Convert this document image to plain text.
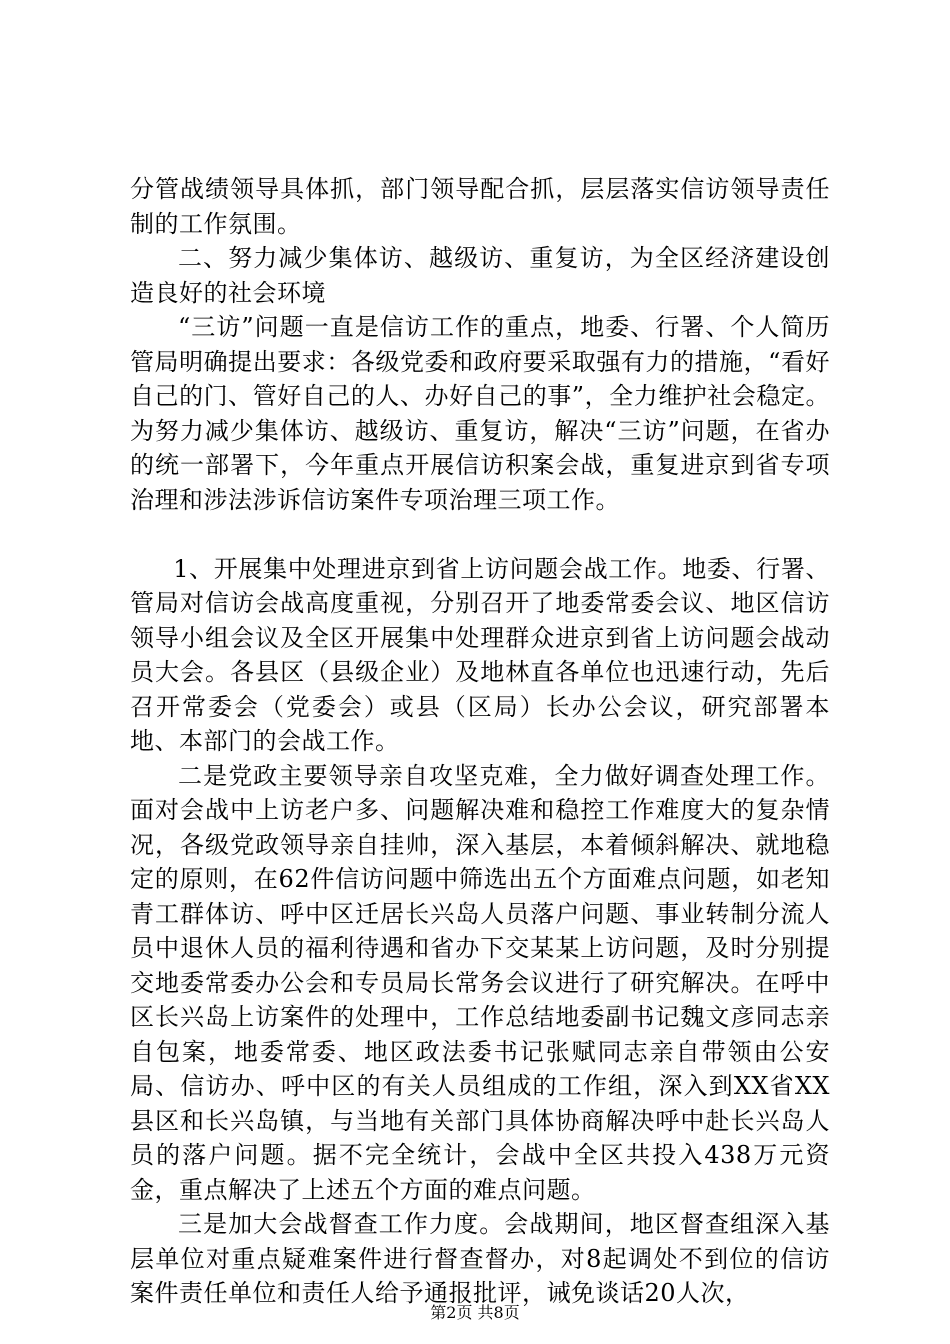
分管战绩领导具体抓，部门领导配合抓，层层落实信访领导责任制的工作氛围。

二、努力减少集体访、越级访、重复访，为全区经济建设创造良好的社会环境

“三访”问题一直是信访工作的重点，地委、行署、个人简历管局明确提出要求：各级党委和政府要采取强有力的措施，“看好自己的门、管好自己的人、办好自己的事”，全力维护社会稳定。为努力减少集体访、越级访、重复访，解决“三访”问题，在省办的统一部署下，今年重点开展信访积案会战，重复进京到省专项治理和涉法涉诉信访案件专项治理三项工作。

1、开展集中处理进京到省上访问题会战工作。地委、行署、管局对信访会战高度重视，分别召开了地委常委会议、地区信访领导小组会议及全区开展集中处理群众进京到省上访问题会战动员大会。各县区（县级企业）及地林直各单位也迅速行动，先后召开常委会（党委会）或县（区局）长办公会议，研究部署本地、本部门的会战工作。

二是党政主要领导亲自攻坚克难，全力做好调查处理工作。面对会战中上访老户多、问题解决难和稳控工作难度大的复杂情况，各级党政领导亲自挂帅，深入基层，本着倾斜解决、就地稳定的原则，在62件信访问题中筛选出五个方面难点问题，如老知青工群体访、呼中区迁居长兴岛人员落户问题、事业转制分流人员中退休人员的福利待遇和省办下交某某上访问题，及时分别提交地委常委办公会和专员局长常务会议进行了研究解决。在呼中区长兴岛上访案件的处理中，工作总结地委副书记魏文彦同志亲自包案，地委常委、地区政法委书记张赋同志亲自带领由公安局、信访办、呼中区的有关人员组成的工作组，深入到XX省XX县区和长兴岛镇，与当地有关部门具体协商解决呼中赴长兴岛人员的落户问题。据不完全统计，会战中全区共投入438万元资金，重点解决了上述五个方面的难点问题。

三是加大会战督查工作力度。会战期间，地区督查组深入基层单位对重点疑难案件进行督查督办，对8起调处不到位的信访案件责任单位和责任人给予通报批评，诫免谈话20人次，

第2页 共8页
